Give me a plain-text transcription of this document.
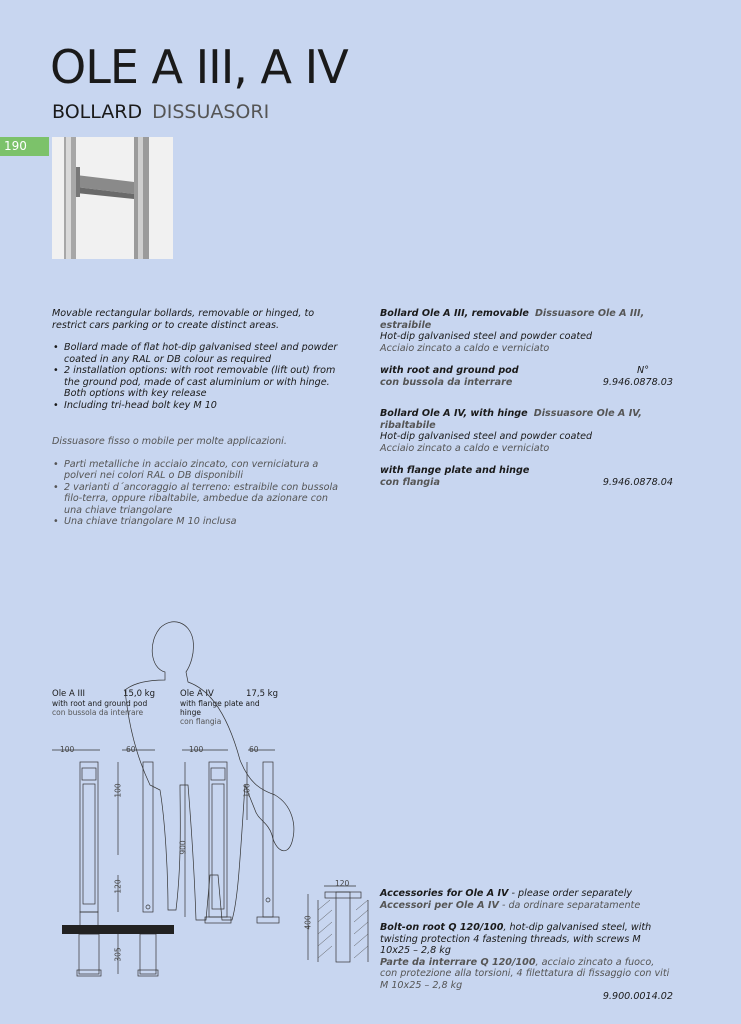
OLE A III, A IV
BOLLARD DISSUASORI
190
Movable rectangular bollards, removable or hinged, to restrict cars parking or to create distinct areas.
• Bollard made of flat hot-dip galvanised steel and powder coated in any RAL or DB colour as required
• 2 installation options: with root removable (lift out) from the ground pod, made of cast aluminium or with hinge. Both options with key release
• Including tri-head bolt key M 10
Dissuasore fisso o mobile per molte applicazioni.
• Parti metalliche in acciaio zincato, con verniciatura a polveri nei colori RAL o DB disponibili
• 2 varianti d´ancoraggio al terreno: estraibile con bussola filo-terra, oppure ribaltabile, ambedue da azionare con una chiave triangolare
• Una chiave triangolare M 10 inclusa
Bollard Ole A III, removable Dissuasore Ole A III, estraibile
Hot-dip galvanised steel and powder coated
Acciaio zincato a caldo e verniciato
with root and ground pod	N°
con bussola da interrare	9.946.0878.03
Bollard Ole A IV, with hinge Dissuasore Ole A IV, ribaltabile
Hot-dip galvanised steel and powder coated
Acciaio zincato a caldo e verniciato
with flange plate and hinge
con flangia	9.946.0878.04
Ole A III	15,0 kg
with root and ground pod
con bussola da interrare
Ole A IV	17,5 kg
with flange plate and hinge
con flangia
100	60	100	60
100	100
900
120
305
120
400
Accessories for Ole A IV - please order separately
Accessori per Ole A IV - da ordinare separatamente
Bolt-on root Q 120/100, hot-dip galvanised steel, with twisting protection 4 fastening threads, with screws M 10x25 – 2,8 kg
Parte da interrare Q 120/100, acciaio zincato a fuoco, con protezione alla torsioni, 4 filettatura di fissaggio con viti M 10x25 – 2,8 kg
9.900.0014.02
